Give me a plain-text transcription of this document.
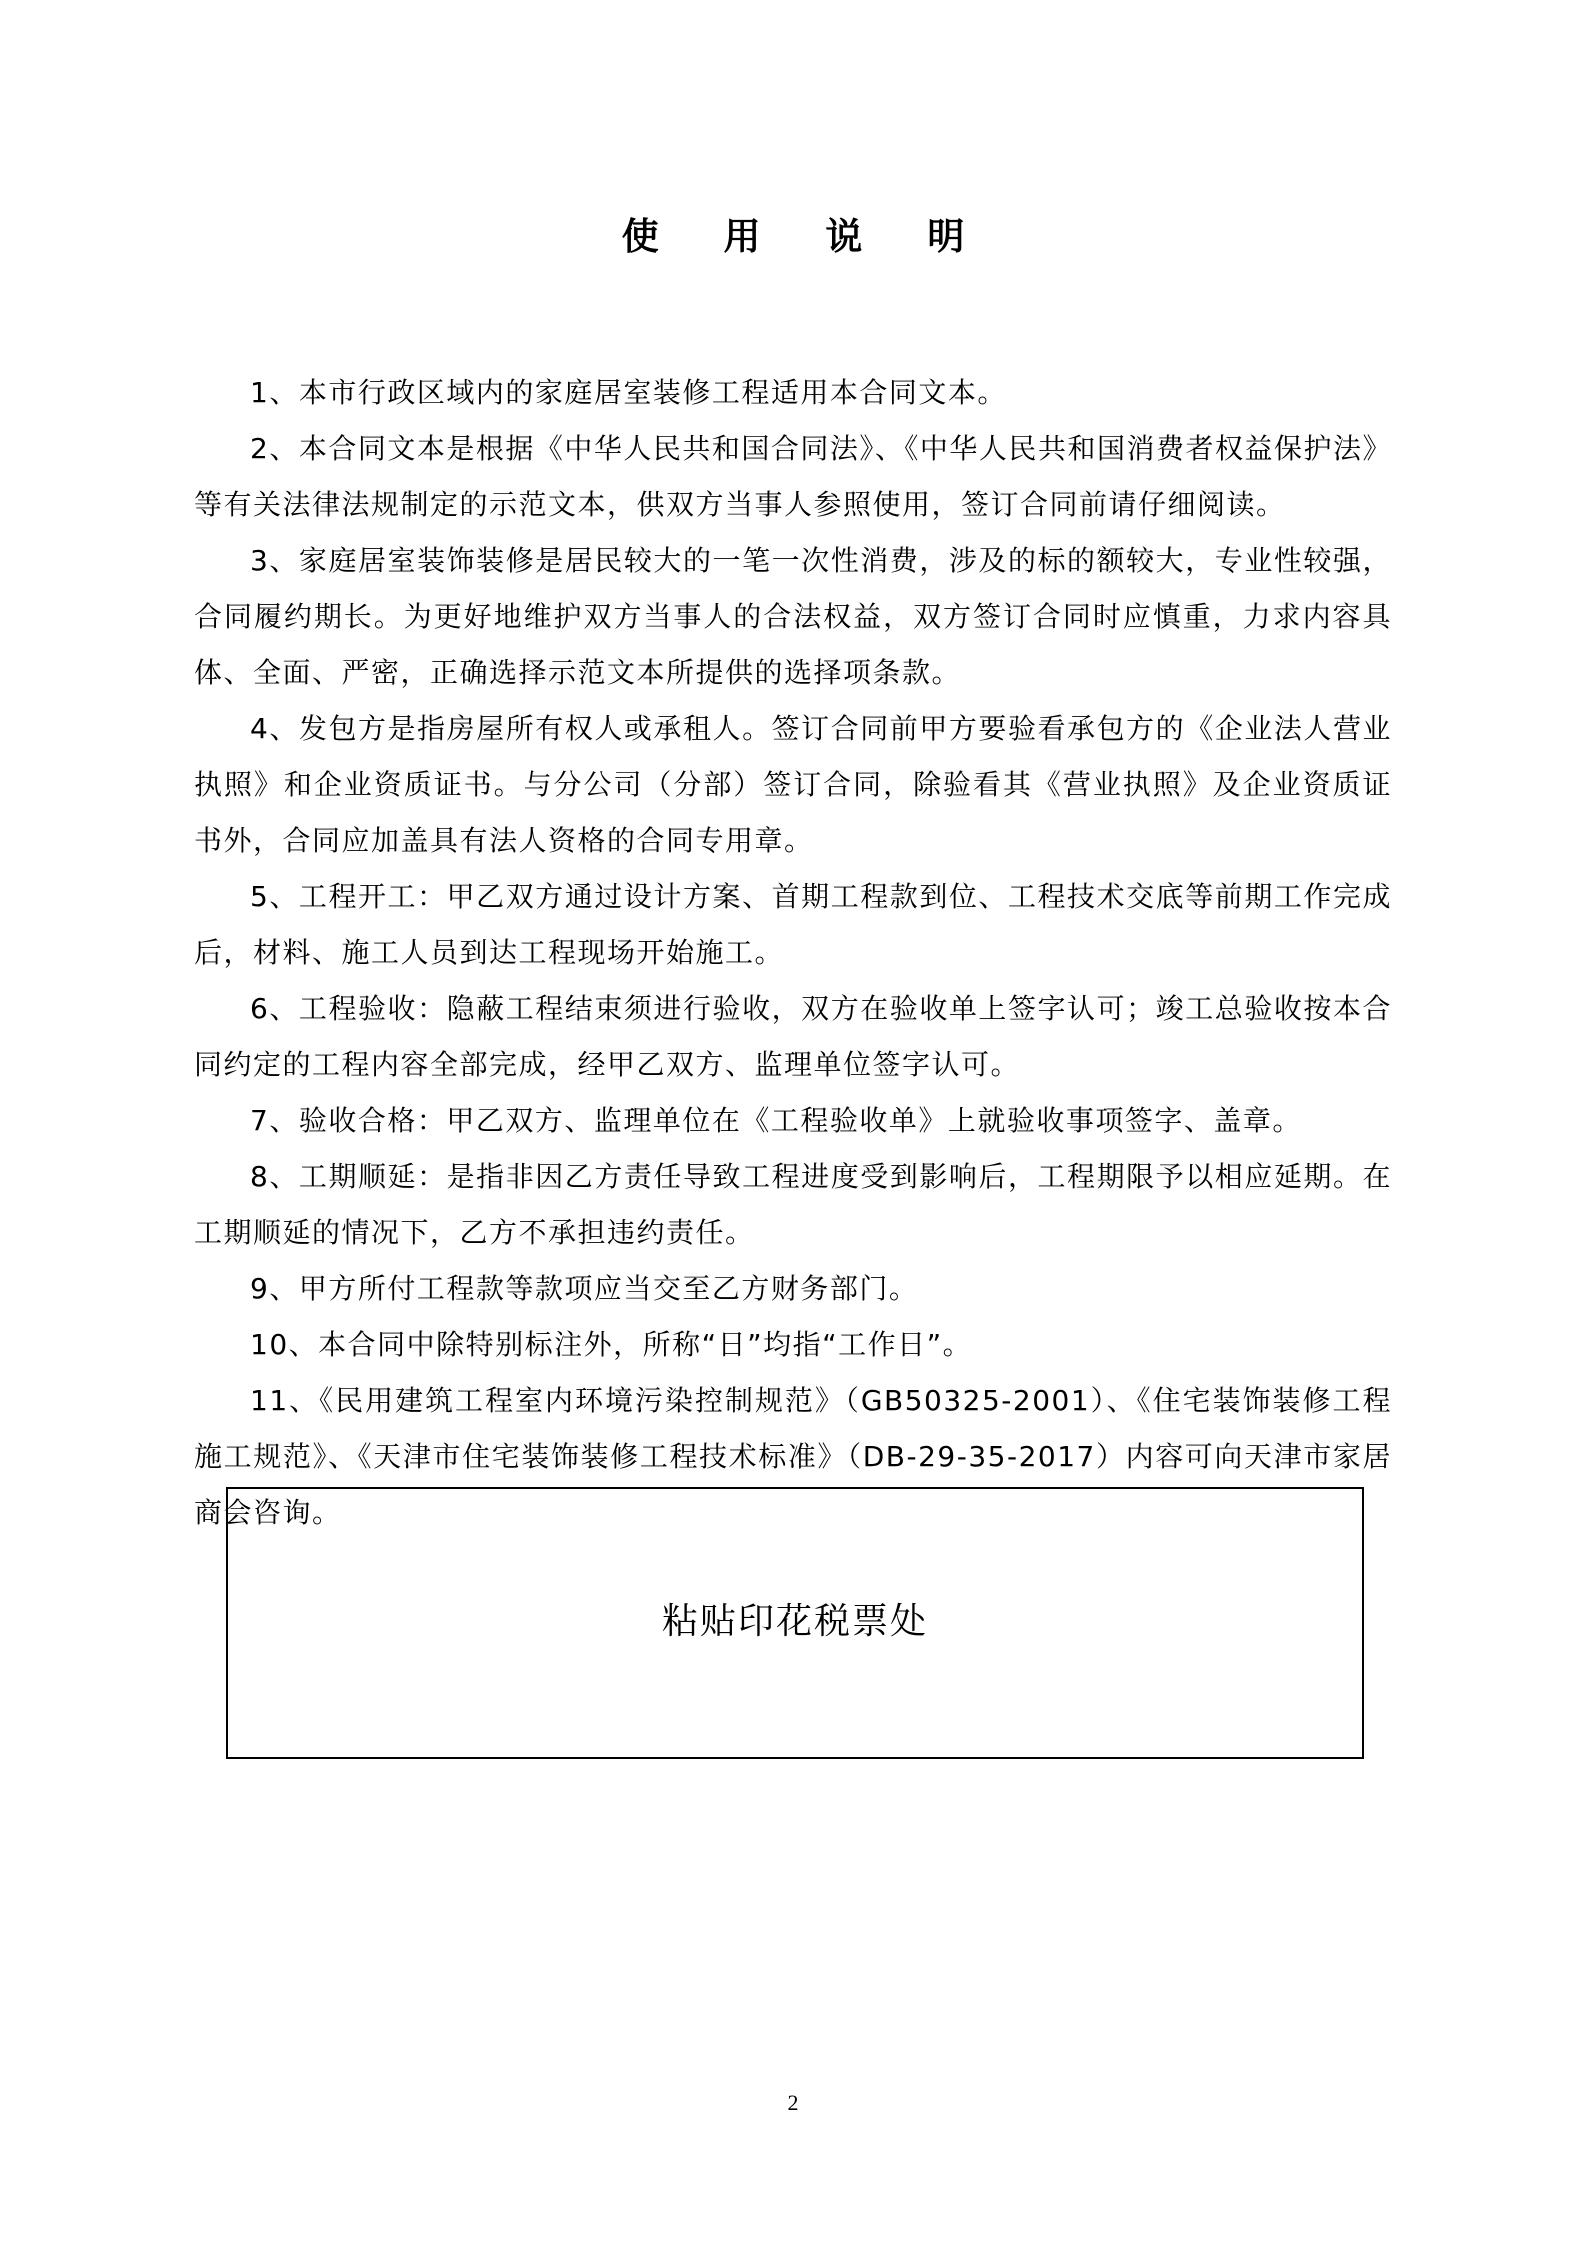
使 用 说 明
1、本市行政区域内的家庭居室装修工程适用本合同文本。
2、本合同文本是根据《中华人民共和国合同法》、《中华人民共和国消费者权益保护法》等有关法律法规制定的示范文本，供双方当事人参照使用，签订合同前请仔细阅读。
3、家庭居室装饰装修是居民较大的一笔一次性消费，涉及的标的额较大，专业性较强，合同履约期长。为更好地维护双方当事人的合法权益，双方签订合同时应慎重，力求内容具体、全面、严密，正确选择示范文本所提供的选择项条款。
4、发包方是指房屋所有权人或承租人。签订合同前甲方要验看承包方的《企业法人营业执照》和企业资质证书。与分公司（分部）签订合同，除验看其《营业执照》及企业资质证书外，合同应加盖具有法人资格的合同专用章。
5、工程开工：甲乙双方通过设计方案、首期工程款到位、工程技术交底等前期工作完成后，材料、施工人员到达工程现场开始施工。
6、工程验收：隐蔽工程结束须进行验收，双方在验收单上签字认可；竣工总验收按本合同约定的工程内容全部完成，经甲乙双方、监理单位签字认可。
7、验收合格：甲乙双方、监理单位在《工程验收单》上就验收事项签字、盖章。
8、工期顺延：是指非因乙方责任导致工程进度受到影响后，工程期限予以相应延期。在工期顺延的情况下，乙方不承担违约责任。
9、甲方所付工程款等款项应当交至乙方财务部门。
10、本合同中除特别标注外，所称“日”均指“工作日”。
11、《民用建筑工程室内环境污染控制规范》（GB50325-2001）、《住宅装饰装修工程施工规范》、《天津市住宅装饰装修工程技术标准》（DB-29-35-2017）内容可向天津市家居商会咨询。
粘贴印花税票处
2
